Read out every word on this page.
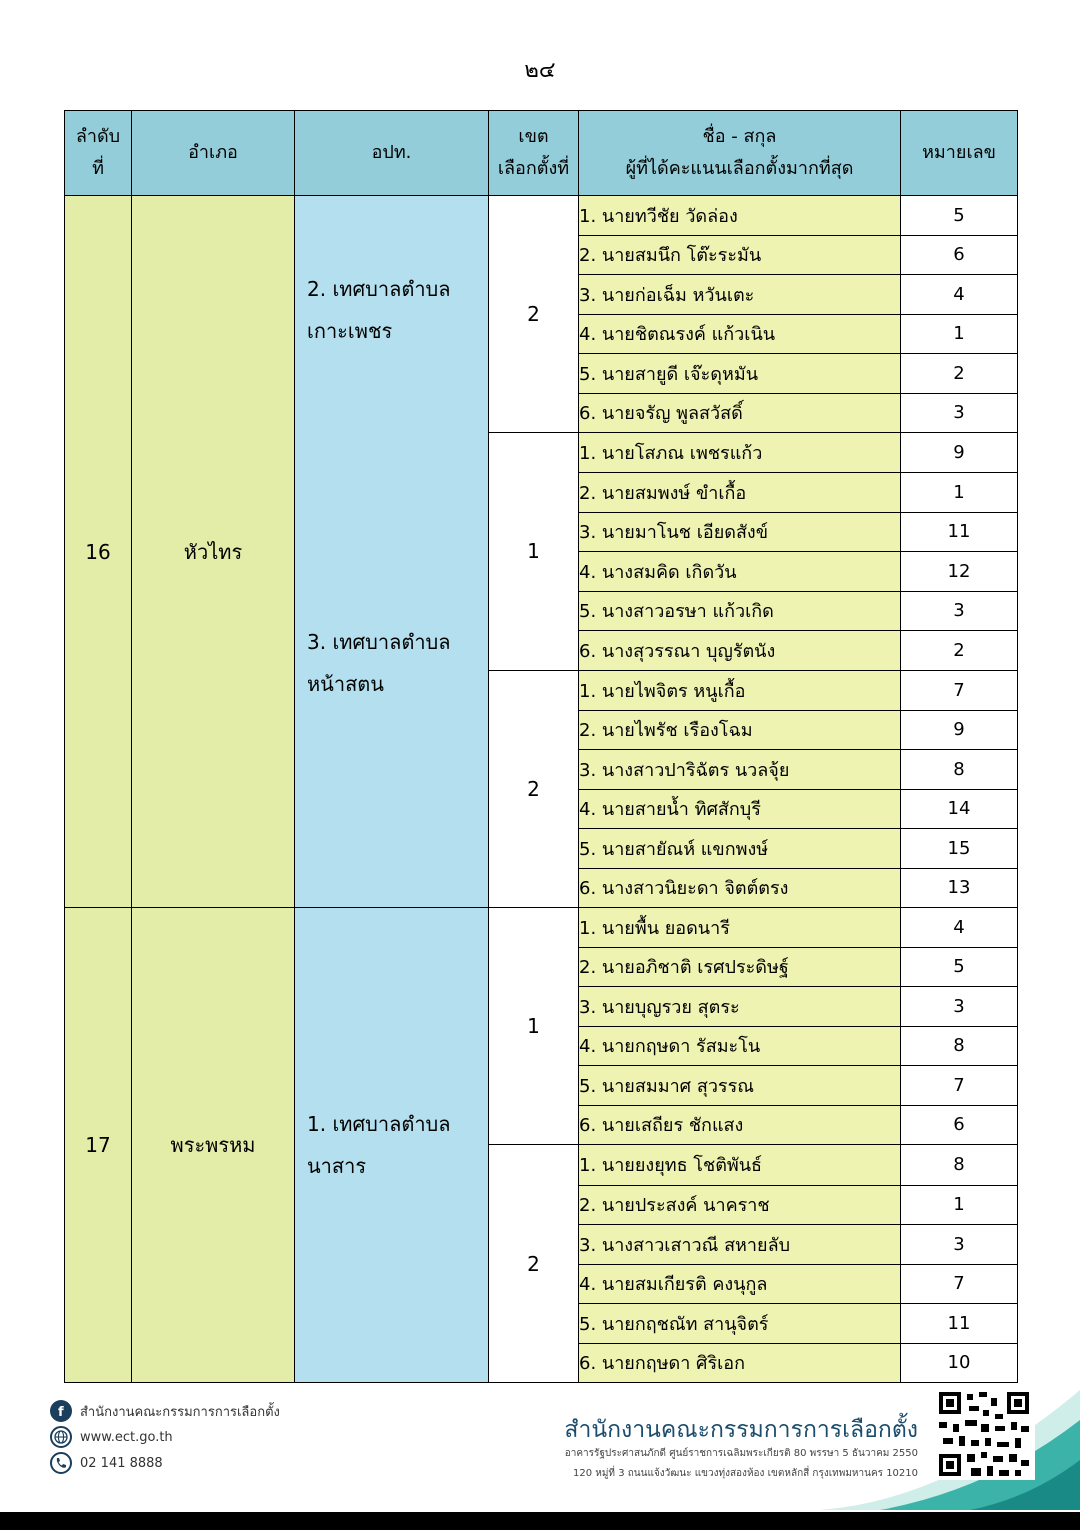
๒๔
ลำดับ
ที่	อำเภอ	อปท.	เขต
เลือกตั้งที่	ชื่อ - สกุล
ผู้ที่ได้คะแนนเลือกตั้งมากที่สุด	หมายเลข
16	หัวไทร	2. เทศบาลตำบล
เกาะเพชร
3. เทศบาลตำบล
หน้าสตน	2	1. นายทวีชัย วัดล่อง	5
				2. นายสมนึก โต๊ะระมัน	6
				3. นายก่อเฉ็ม หวันเตะ	4
				4. นายชิตณรงค์ แก้วเนิน	1
				5. นายสายูดี เจ๊ะดุหมัน	2
				6. นายจรัญ พูลสวัสดิ์	3
			1	1. นายโสภณ เพชรแก้ว	9
				2. นายสมพงษ์ ขำเกื้อ	1
				3. นายมาโนช เอียดสังข์	11
				4. นางสมคิด เกิดวัน	12
				5. นางสาวอรษา แก้วเกิด	3
				6. นางสุวรรณา บุญรัตนัง	2
			2	1. นายไพจิตร หนูเกื้อ	7
				2. นายไพรัช เรืองโฉม	9
				3. นางสาวปาริฉัตร นวลจุ้ย	8
				4. นายสายน้ำ ทิศสักบุรี	14
				5. นายสายัณห์ แขกพงษ์	15
				6. นางสาวนิยะดา จิตต์ตรง	13
17	พระพรหม	1. เทศบาลตำบล
นาสาร	1	1. นายพื้น ยอดนารี	4
				2. นายอภิชาติ เรศประดิษฐ์	5
				3. นายบุญรวย สุตระ	3
				4. นายกฤษดา รัสมะโน	8
				5. นายสมมาศ สุวรรณ	7
				6. นายเสถียร ชักแสง	6
			2	1. นายยงยุทธ โชติพันธ์	8
				2. นายประสงค์ นาคราช	1
				3. นางสาวเสาวณี สหายลับ	3
				4. นายสมเกียรติ คงนุกูล	7
				5. นายกฤชณัท สานุจิตร์	11
				6. นายกฤษดา ศิริเอก	10
f สำนักงานคณะกรรมการการเลือกตั้ง
www.ect.go.th
02 141 8888
สำนักงานคณะกรรมการการเลือกตั้ง
อาคารรัฐประศาสนภักดี ศูนย์ราชการเฉลิมพระเกียรติ 80 พรรษา 5 ธันวาคม 2550
120 หมู่ที่ 3 ถนนแจ้งวัฒนะ แขวงทุ่งสองห้อง เขตหลักสี่ กรุงเทพมหานคร 10210
